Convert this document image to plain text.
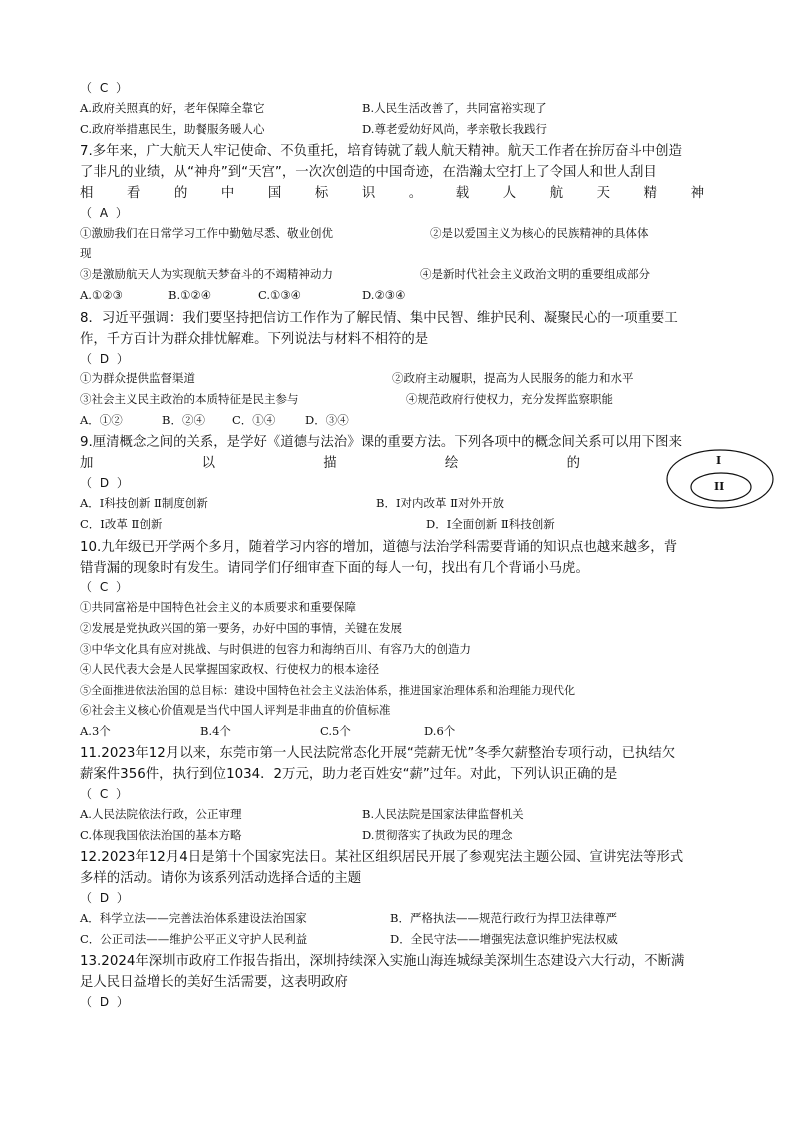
（ C ）
A.政府关照真的好，老年保障全靠它	B.人民生活改善了，共同富裕实现了
C.政府举措惠民生，助餐服务暖人心	D.尊老爱幼好风尚，孝亲敬长我践行
7.多年来，广大航天人牢记使命、不负重托，培育铸就了载人航天精神。航天工作者在拚厉奋斗中创造
了非凡的业绩，从“神舟”到“天宫”，一次次创造的中国奇迹，在浩瀚太空打上了令国人和世人刮目
相	看	的	中	国	标	识	。	载	人	航	天	精	神
（ A ）
①激励我们在日常学习工作中勤勉尽悉、敬业创优	②是以爱国主义为核心的民族精神的具体体
现
③是激励航天人为实现航天梦奋斗的不竭精神动力	④是新时代社会主义政治文明的重要组成部分
A.①②③	B.①②④	C.①③④	D.②③④
8．习近平强调：我们要坚持把信访工作作为了解民情、集中民智、维护民利、凝聚民心的一项重要工
作，千方百计为群众排忧解难。下列说法与材料不相符的是
（ D ）
①为群众提供监督渠道	②政府主动履职，提高为人民服务的能力和水平
③社会主义民主政治的本质特征是民主参与	④规范政府行使权力，充分发挥监察职能
A．①②	B．②④ C．①④	D．③④
9.厘清概念之间的关系，是学好《道德与法治》课的重要方法。下列各项中的概念间关系可以用下图来
加	以	描	绘	的
（ D ）
A．Ⅰ科技创新 Ⅱ制度创新	B．Ⅰ对内改革 Ⅱ对外开放
C．Ⅰ改革 Ⅱ创新	D．Ⅰ全面创新 Ⅱ科技创新
I
II
10.九年级已开学两个多月，随着学习内容的增加，道德与法治学科需要背诵的知识点也越来越多，背
错背漏的现象时有发生。请同学们仔细审查下面的每人一句，找出有几个背诵小马虎。
（ C ）
①共同富裕是中国特色社会主义的本质要求和重要保障
②发展是党执政兴国的第一要务，办好中国的事情，关键在发展
③中华文化具有应对挑战、与时俱进的包容力和海纳百川、有容乃大的创造力
④人民代表大会是人民掌握国家政权、行使权力的根本途径
⑤全面推进依法治国的总目标：建设中国特色社会主义法治体系，推进国家治理体系和治理能力现代化
⑥社会主义核心价值观是当代中国人评判是非曲直的价值标准
A.3个	B.4个	C.5个	D.6个
11.2023年12月以来，东莞市第一人民法院常态化开展“莞薪无忧”冬季欠薪整治专项行动，已执结欠
薪案件356件，执行到位1034．2万元，助力老百姓安“薪”过年。对此，下列认识正确的是
（ C ）
A.人民法院依法行政，公正审理	B.人民法院是国家法律监督机关
C.体现我国依法治国的基本方略	D.贯彻落实了执政为民的理念
12.2023年12月4日是第十个国家宪法日。某社区组织居民开展了参观宪法主题公园、宣讲宪法等形式
多样的活动。请你为该系列活动选择合适的主题
（ D ）
A．科学立法——完善法治体系建设法治国家	B．严格执法——规范行政行为捍卫法律尊严
C．公正司法——维护公平正义守护人民利益	D．全民守法——增强宪法意识维护宪法权威
13.2024年深圳市政府工作报告指出，深圳持续深入实施山海连城绿美深圳生态建设六大行动，不断满
足人民日益增长的美好生活需要，这表明政府
（ D ）
